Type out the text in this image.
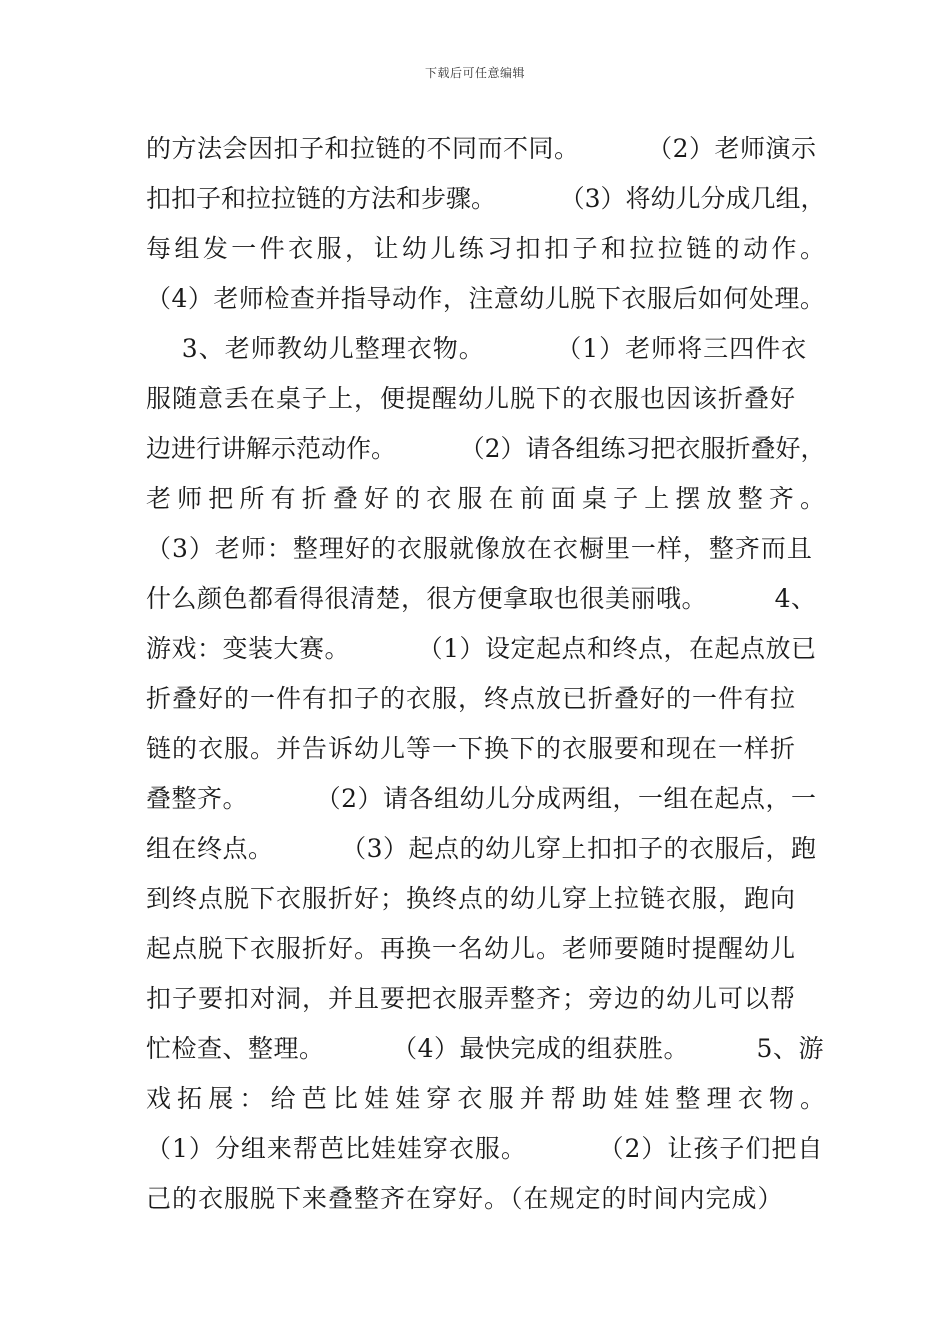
下载后可任意编辑
的方法会因扣子和拉链的不同而不同。        （2）老师演示
扣扣子和拉拉链的方法和步骤。        （3）将幼儿分成几组，
每组发一件衣服，让幼儿练习扣扣子和拉拉链的动作。
（4）老师检查并指导动作，注意幼儿脱下衣服后如何处理。
3、老师教幼儿整理衣物。        （1）老师将三四件衣
服随意丢在桌子上，便提醒幼儿脱下的衣服也因该折叠好
边进行讲解示范动作。        （2）请各组练习把衣服折叠好，
老师把所有折叠好的衣服在前面桌子上摆放整齐。
（3）老师：整理好的衣服就像放在衣橱里一样，整齐而且
什么颜色都看得很清楚，很方便拿取也很美丽哦。        4、
游戏：变装大赛。        （1）设定起点和终点，在起点放已
折叠好的一件有扣子的衣服，终点放已折叠好的一件有拉
链的衣服。并告诉幼儿等一下换下的衣服要和现在一样折
叠整齐。        （2）请各组幼儿分成两组，一组在起点，一
组在终点。        （3）起点的幼儿穿上扣扣子的衣服后，跑
到终点脱下衣服折好；换终点的幼儿穿上拉链衣服，跑向
起点脱下衣服折好。再换一名幼儿。老师要随时提醒幼儿
扣子要扣对洞，并且要把衣服弄整齐；旁边的幼儿可以帮
忙检查、整理。        （4）最快完成的组获胜。        5、游
戏拓展：给芭比娃娃穿衣服并帮助娃娃整理衣物。
（1）分组来帮芭比娃娃穿衣服。        （2）让孩子们把自
己的衣服脱下来叠整齐在穿好。（在规定的时间内完成）
